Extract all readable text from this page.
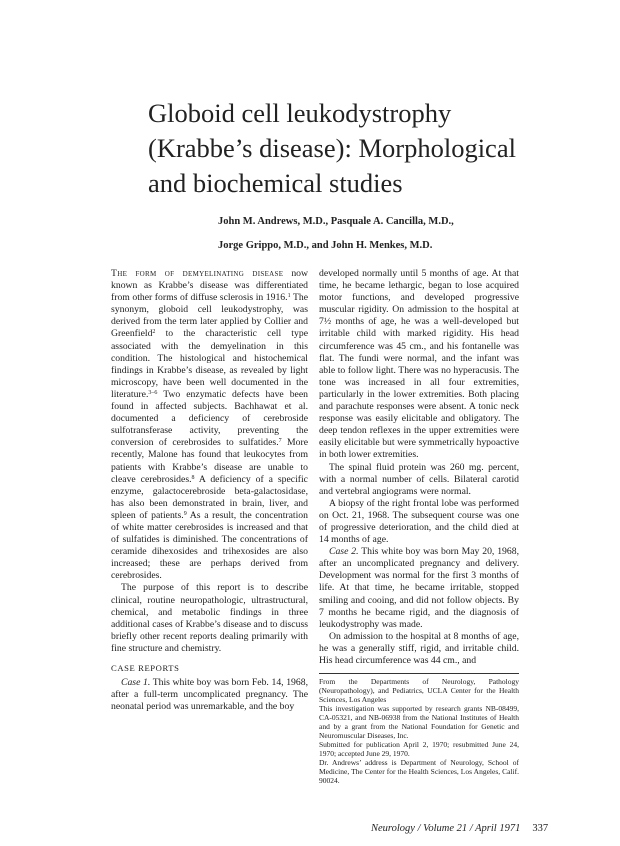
Globoid cell leukodystrophy
(Krabbe’s disease): Morphological
and biochemical studies
John M. Andrews, M.D., Pasquale A. Cancilla, M.D.,
Jorge Grippo, M.D., and John H. Menkes, M.D.

The form of demyelinating disease now known as Krabbe’s disease was differentiated from other forms of diffuse sclerosis in 1916.$^1$ The synonym, globoid cell leukodystrophy, was derived from the term later applied by Collier and Greenfield$^2$ to the characteristic cell type associated with the demyelination in this condition. The histological and histochemical findings in Krabbe’s disease, as revealed by light microscopy, have been well documented in the literature.$^{3-6}$ Two enzymatic defects have been found in affected subjects. Bachhawat et al. documented a deficiency of cerebroside sulfotransferase activity, preventing the conversion of cerebrosides to sulfatides.$^7$ More recently, Malone has found that leukocytes from patients with Krabbe’s disease are unable to cleave cerebrosides.$^8$ A deficiency of a specific enzyme, galactocerebroside beta-galactosidase, has also been demonstrated in brain, liver, and spleen of patients.$^9$ As a result, the concentration of white matter cerebrosides is increased and that of sulfatides is diminished. The concentrations of ceramide dihexosides and trihexosides are also increased; these are perhaps derived from cerebrosides.

The purpose of this report is to describe clinical, routine neuropathologic, ultrastructural, chemical, and metabolic findings in three additional cases of Krabbe’s disease and to discuss briefly other recent reports dealing primarily with fine structure and chemistry.

CASE REPORTS

Case 1. This white boy was born Feb. 14, 1968, after a full-term uncomplicated pregnancy. The neonatal period was unremarkable, and the boy

developed normally until 5 months of age. At that time, he became lethargic, began to lose acquired motor functions, and developed progressive muscular rigidity. On admission to the hospital at 7½ months of age, he was a well-developed but irritable child with marked rigidity. His head circumference was 45 cm., and his fontanelle was flat. The fundi were normal, and the infant was able to follow light. There was no hyperacusis. The tone was increased in all four extremities, particularly in the lower extremities. Both placing and parachute responses were absent. A tonic neck response was easily elicitable and obligatory. The deep tendon reflexes in the upper extremities were easily elicitable but were symmetrically hypoactive in both lower extremities.

The spinal fluid protein was 260 mg. percent, with a normal number of cells. Bilateral carotid and vertebral angiograms were normal.

A biopsy of the right frontal lobe was performed on Oct. 21, 1968. The subsequent course was one of progressive deterioration, and the child died at 14 months of age.

Case 2. This white boy was born May 20, 1968, after an uncomplicated pregnancy and delivery. Development was normal for the first 3 months of life. At that time, he became irritable, stopped smiling and cooing, and did not follow objects. By 7 months he became rigid, and the diagnosis of leukodystrophy was made.

On admission to the hospital at 8 months of age, he was a generally stiff, rigid, and irritable child. His head circumference was 44 cm., and

From the Departments of Neurology, Pathology (Neuropathology), and Pediatrics, UCLA Center for the Health Sciences, Los Angeles

This investigation was supported by research grants NB-08499, CA-05321, and NB-06938 from the National Institutes of Health and by a grant from the National Foundation for Genetic and Neuromuscular Diseases, Inc.

Submitted for publication April 2, 1970; resubmitted June 24, 1970; accepted June 29, 1970.

Dr. Andrews’ address is Department of Neurology, School of Medicine, The Center for the Health Sciences, Los Angeles, Calif. 90024.

Neurology / Volume 21 / April 1971 337
